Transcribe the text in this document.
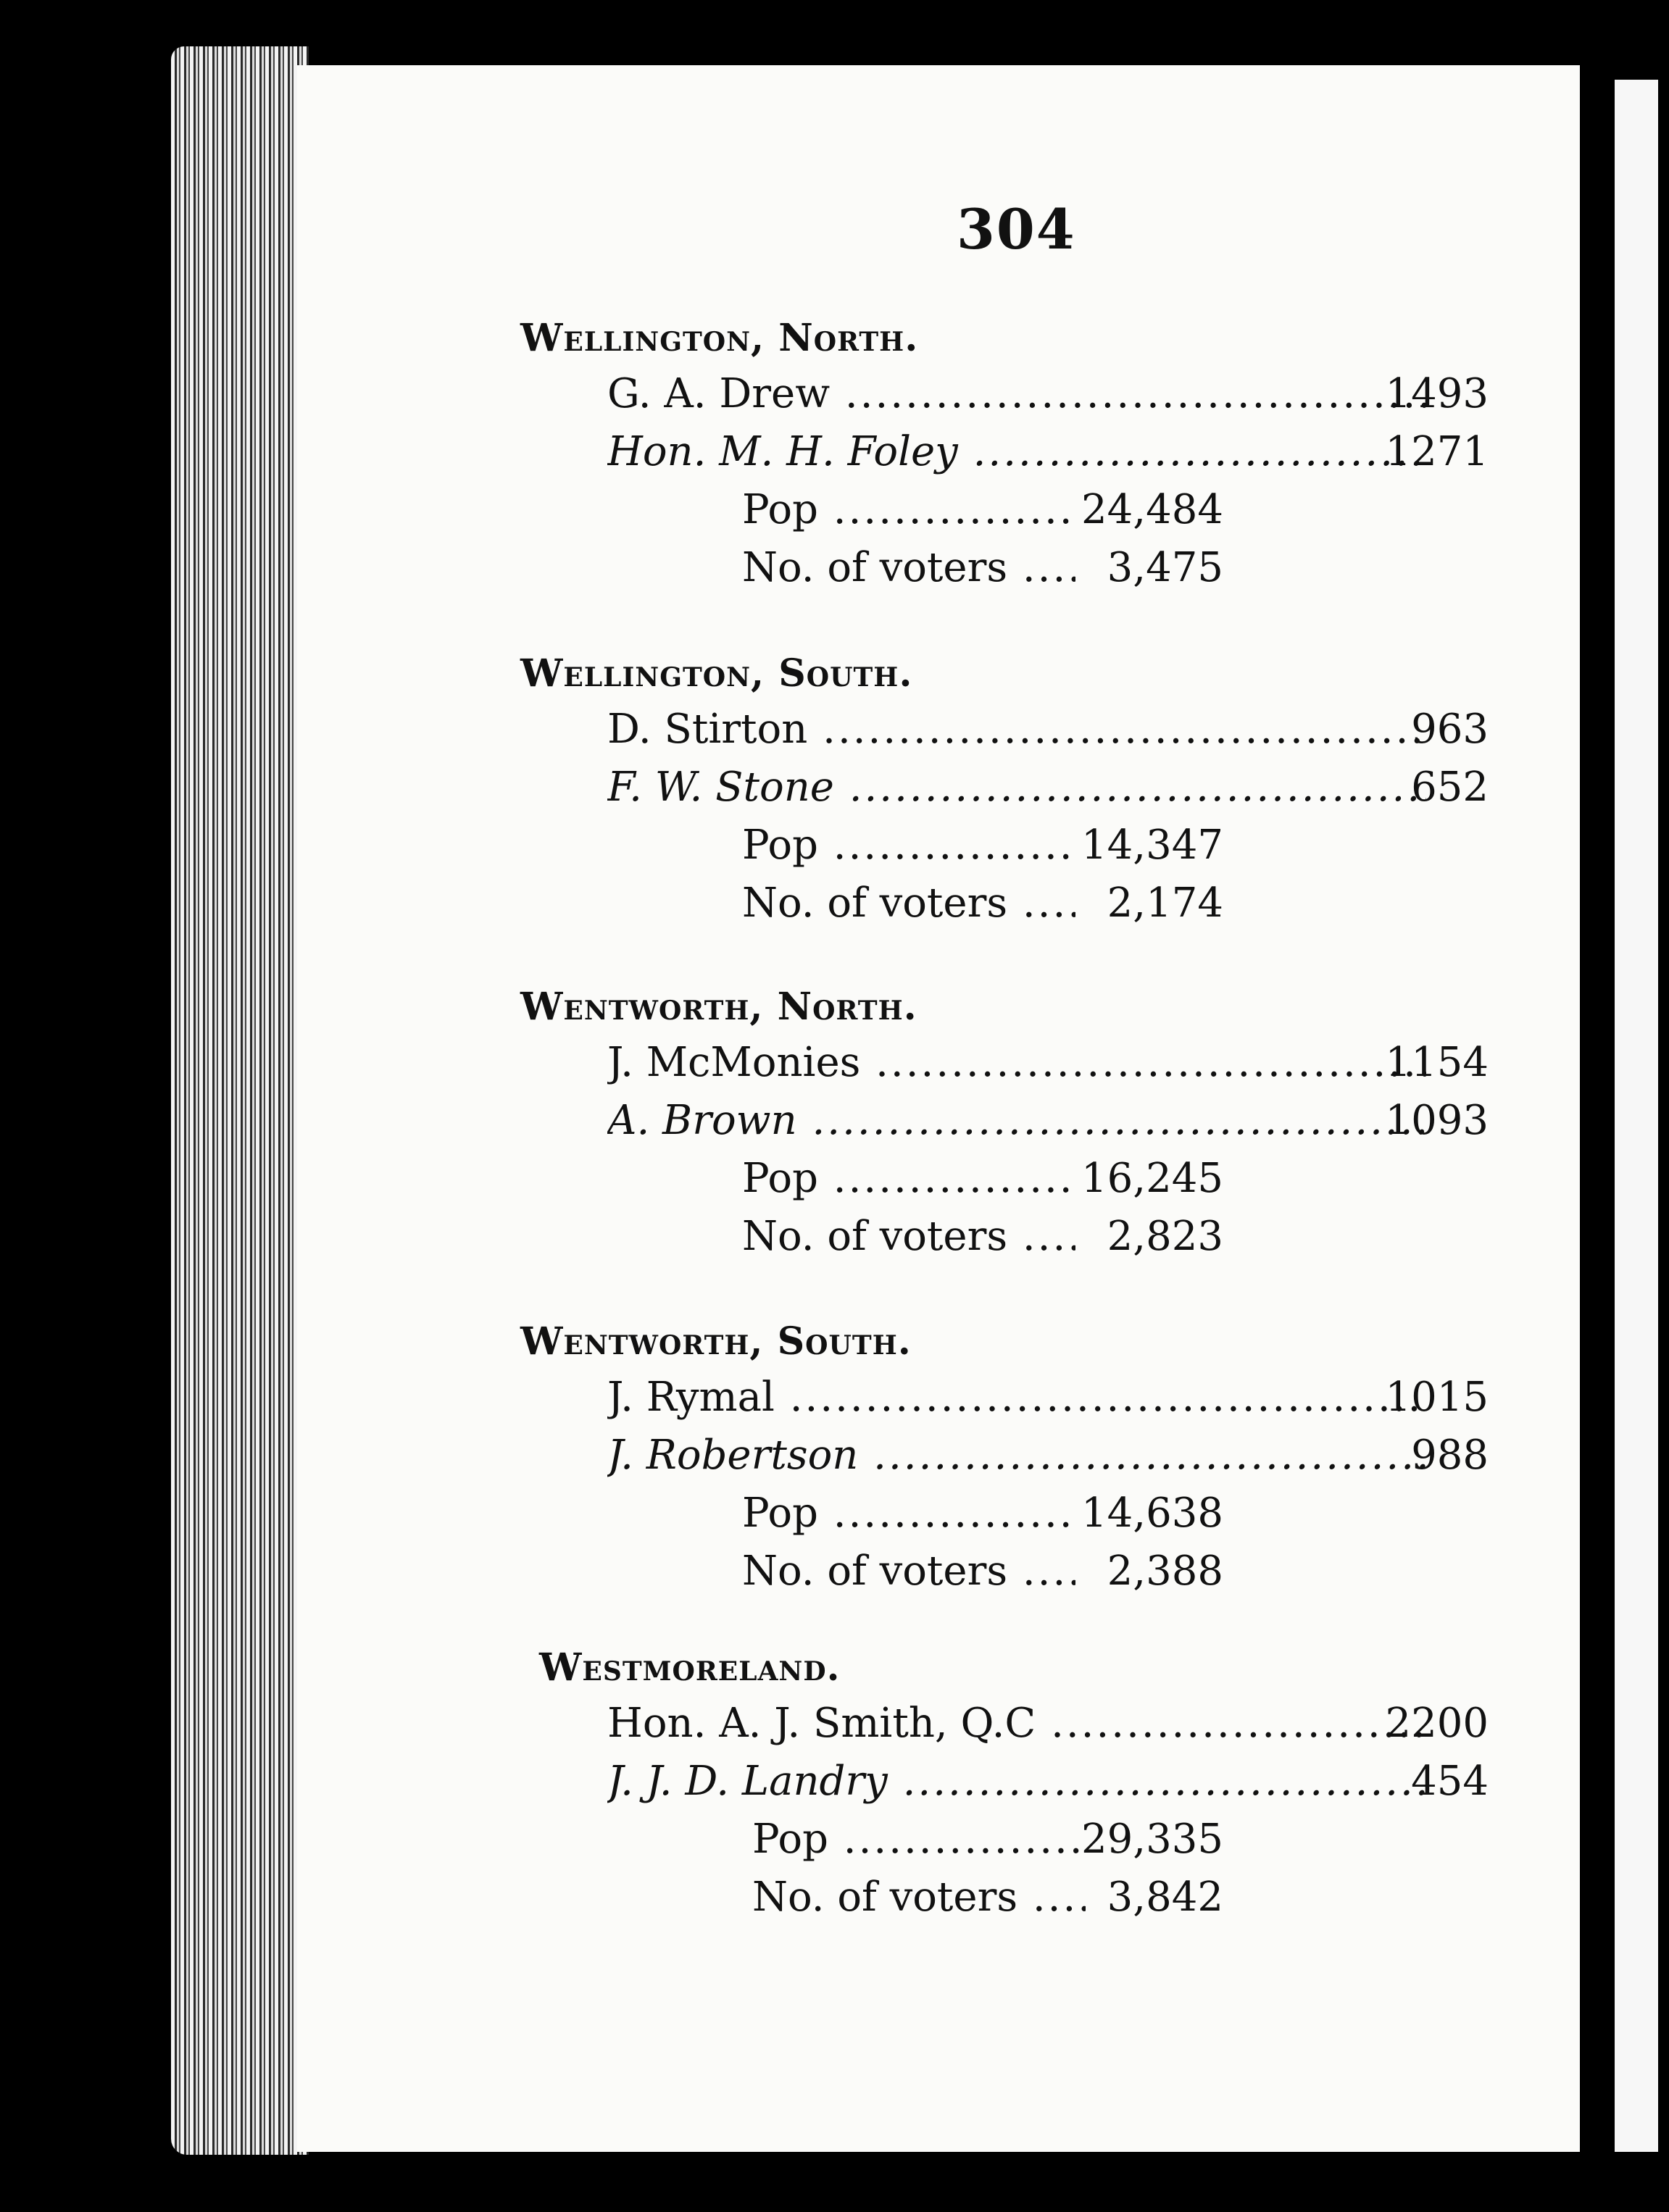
304
Wellington, North.
G. A. Drew .....	1493
Hon. M. H. Foley .....	1271
Pop .....	24,484
No. of voters .....	3,475
Wellington, South.
D. Stirton .....	963
F. W. Stone .....	652
Pop .....	14,347
No. of voters .....	2,174
Wentworth, North.
J. McMonies .....	1154
A. Brown .....	1093
Pop .....	16,245
No. of voters .....	2,823
Wentworth, South.
J. Rymal .....	1015
J. Robertson .....	988
Pop .....	14,638
No. of voters .....	2,388
Westmoreland.
Hon. A. J. Smith, Q.C .....	2200
J. J. D. Landry .....	454
Pop .....	29,335
No. of voters .....	3,842
